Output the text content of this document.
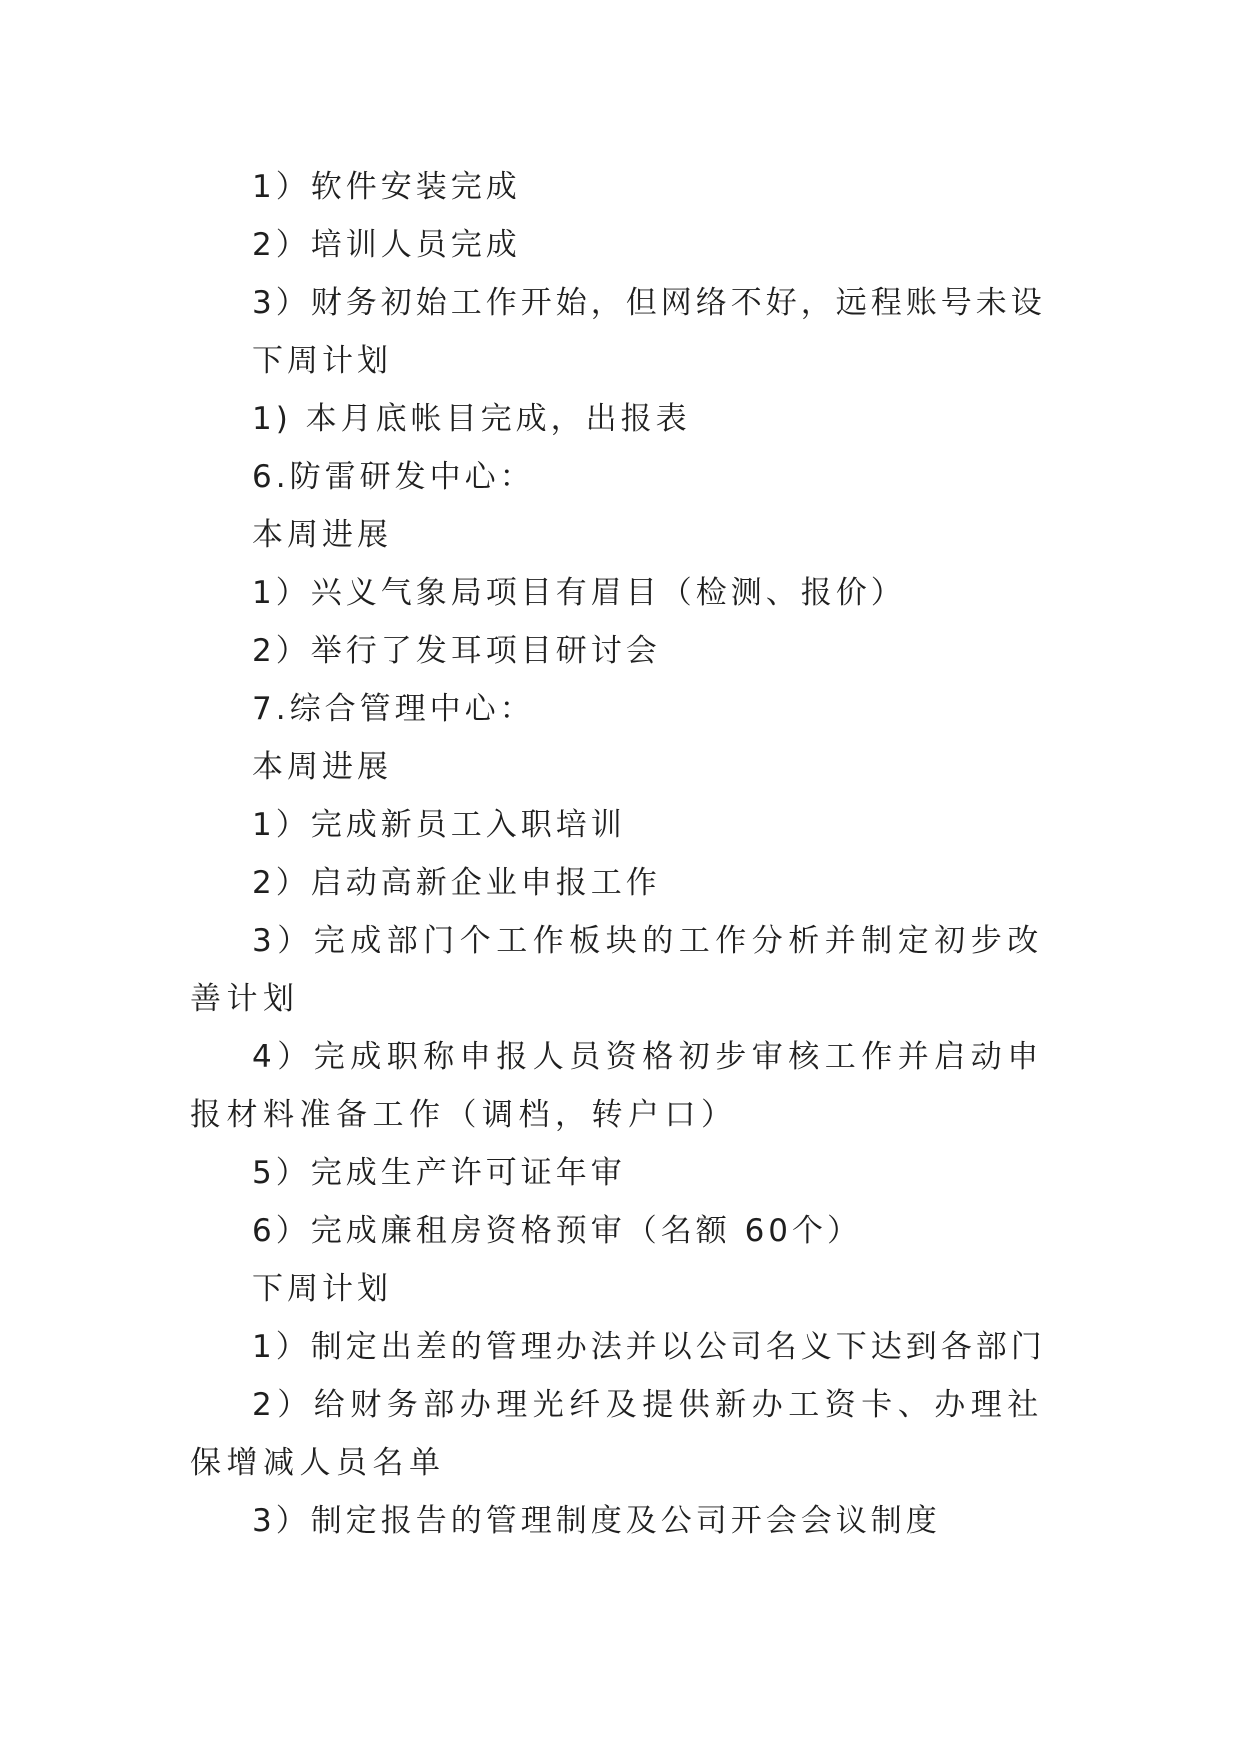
1）软件安装完成
2）培训人员完成
3）财务初始工作开始，但网络不好，远程账号未设
下周计划
1) 本月底帐目完成，出报表
6.防雷研发中心：
本周进展
1）兴义气象局项目有眉目（检测、报价）
2）举行了发耳项目研讨会
7.综合管理中心：
本周进展
1）完成新员工入职培训
2）启动高新企业申报工作
3）完成部门个工作板块的工作分析并制定初步改善计划
4）完成职称申报人员资格初步审核工作并启动申报材料准备工作（调档，转户口）
5）完成生产许可证年审
6）完成廉租房资格预审（名额 60个）
下周计划
1）制定出差的管理办法并以公司名义下达到各部门
2）给财务部办理光纤及提供新办工资卡、办理社保增减人员名单
3）制定报告的管理制度及公司开会会议制度
